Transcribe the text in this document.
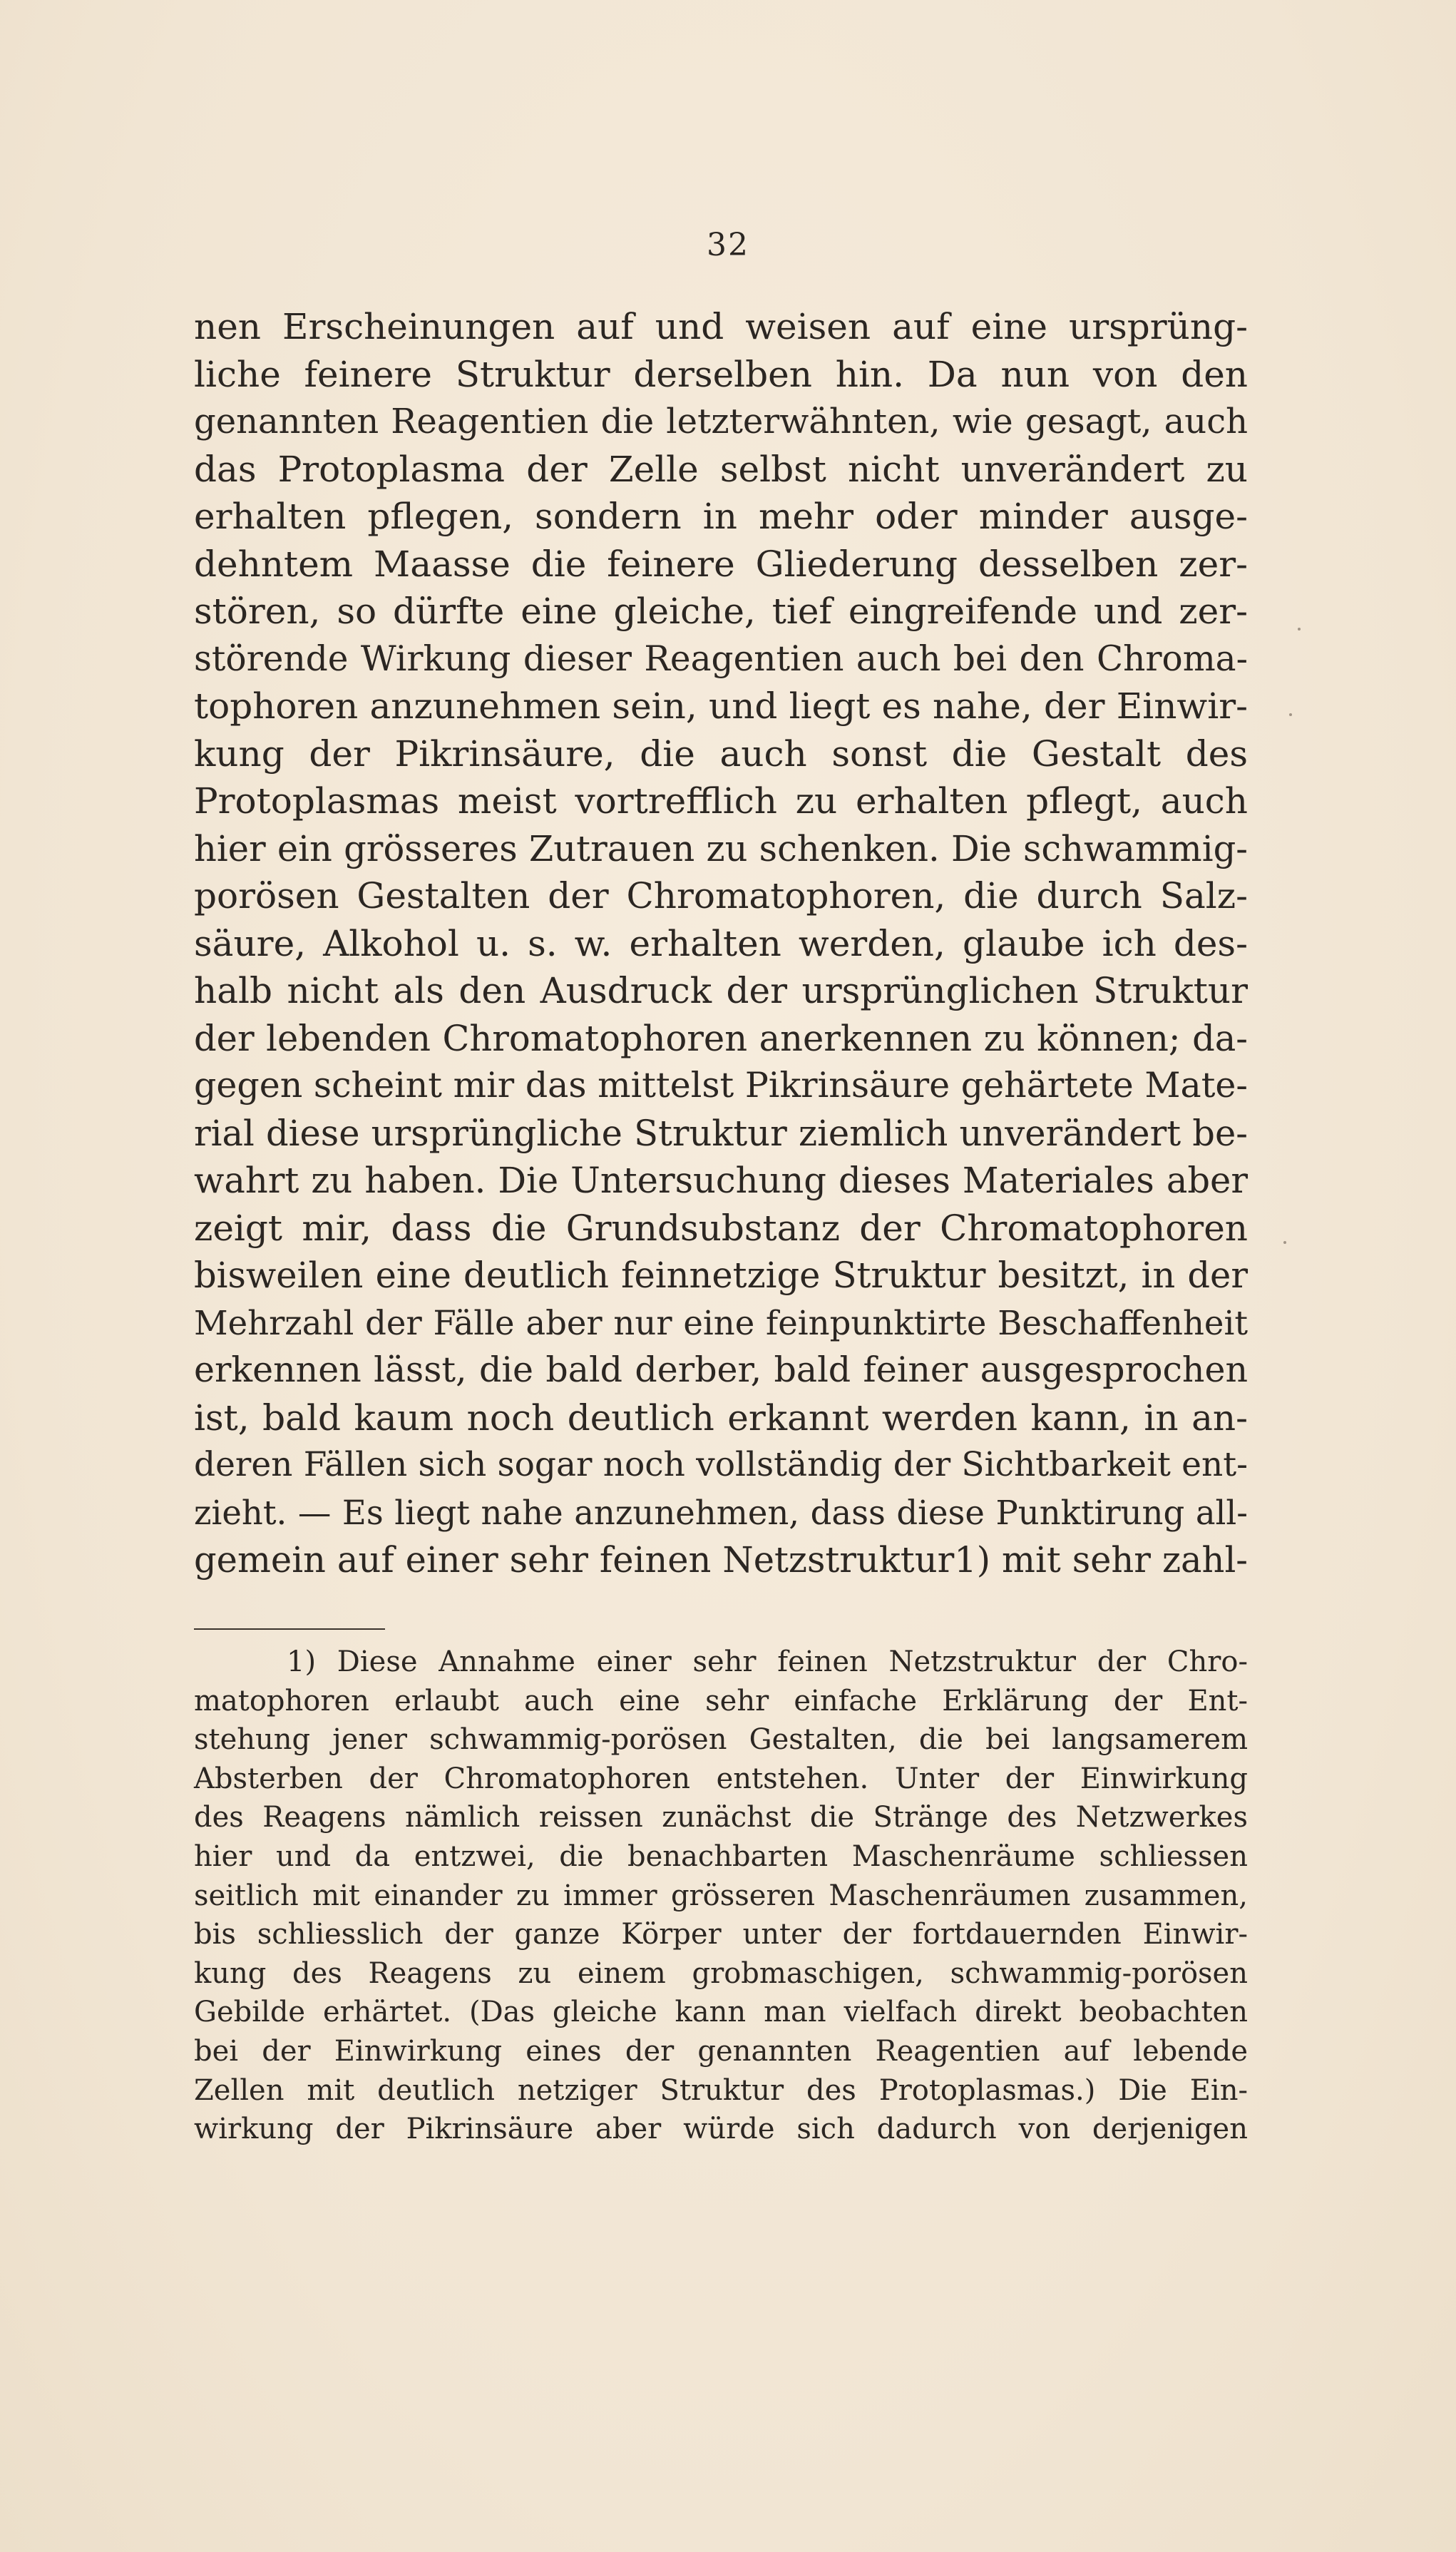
32
nen Erscheinungen auf und weisen auf eine ursprüng-
liche feinere Struktur derselben hin. Da nun von den
genannten Reagentien die letzterwähnten, wie gesagt, auch
das Protoplasma der Zelle selbst nicht unverändert zu
erhalten pflegen, sondern in mehr oder minder ausge-
dehntem Maasse die feinere Gliederung desselben zer-
stören, so dürfte eine gleiche, tief eingreifende und zer-
störende Wirkung dieser Reagentien auch bei den Chroma-
tophoren anzunehmen sein, und liegt es nahe, der Einwir-
kung der Pikrinsäure, die auch sonst die Gestalt des
Protoplasmas meist vortrefflich zu erhalten pflegt, auch
hier ein grösseres Zutrauen zu schenken. Die schwammig-
porösen Gestalten der Chromatophoren, die durch Salz-
säure, Alkohol u. s. w. erhalten werden, glaube ich des-
halb nicht als den Ausdruck der ursprünglichen Struktur
der lebenden Chromatophoren anerkennen zu können; da-
gegen scheint mir das mittelst Pikrinsäure gehärtete Mate-
rial diese ursprüngliche Struktur ziemlich unverändert be-
wahrt zu haben. Die Untersuchung dieses Materiales aber
zeigt mir, dass die Grundsubstanz der Chromatophoren
bisweilen eine deutlich feinnetzige Struktur besitzt, in der
Mehrzahl der Fälle aber nur eine feinpunktirte Beschaffenheit
erkennen lässt, die bald derber, bald feiner ausgesprochen
ist, bald kaum noch deutlich erkannt werden kann, in an-
deren Fällen sich sogar noch vollständig der Sichtbarkeit ent-
zieht. — Es liegt nahe anzunehmen, dass diese Punktirung all-
gemein auf einer sehr feinen Netzstruktur1) mit sehr zahl-
1) Diese Annahme einer sehr feinen Netzstruktur der Chro-
matophoren erlaubt auch eine sehr einfache Erklärung der Ent-
stehung jener schwammig-porösen Gestalten, die bei langsamerem
Absterben der Chromatophoren entstehen. Unter der Einwirkung
des Reagens nämlich reissen zunächst die Stränge des Netzwerkes
hier und da entzwei, die benachbarten Maschenräume schliessen
seitlich mit einander zu immer grösseren Maschenräumen zusammen,
bis schliesslich der ganze Körper unter der fortdauernden Einwir-
kung des Reagens zu einem grobmaschigen, schwammig-porösen
Gebilde erhärtet. (Das gleiche kann man vielfach direkt beobachten
bei der Einwirkung eines der genannten Reagentien auf lebende
Zellen mit deutlich netziger Struktur des Protoplasmas.) Die Ein-
wirkung der Pikrinsäure aber würde sich dadurch von derjenigen
